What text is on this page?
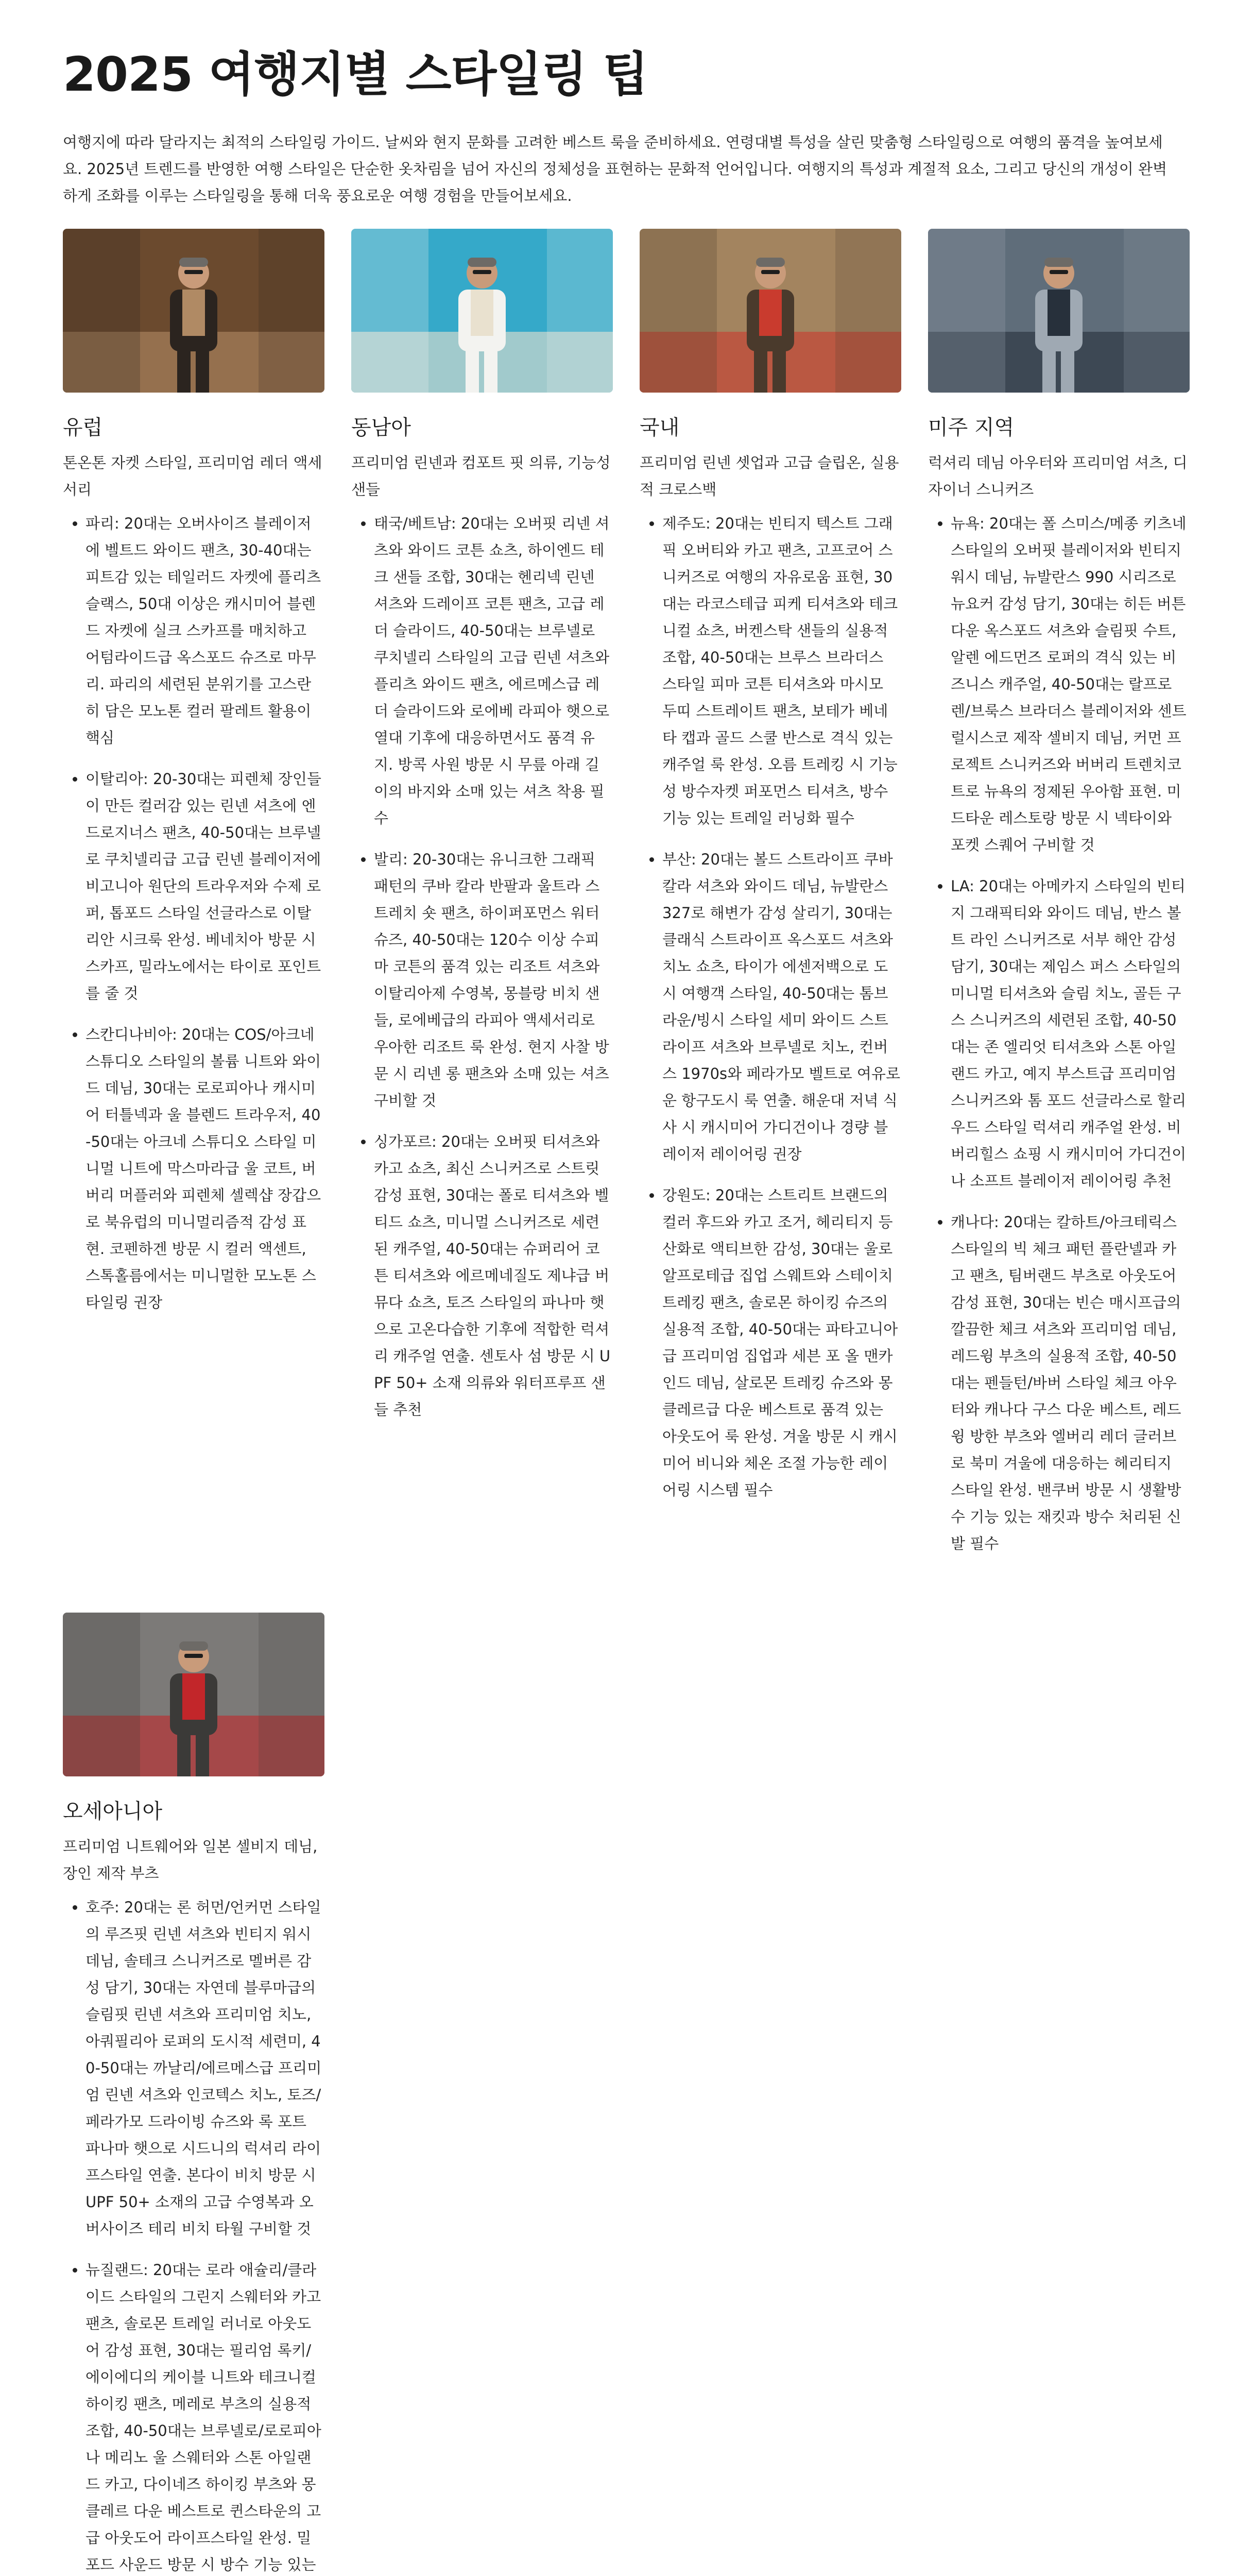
2025 여행지별 스타일링 팁

여행지에 따라 달라지는 최적의 스타일링 가이드. 날씨와 현지 문화를 고려한 베스트 룩을 준비하세요. 연령대별 특성을 살린 맞춤형 스타일링으로 여행의 품격을 높여보세요. 2025년 트렌드를 반영한 여행 스타일은 단순한 옷차림을 넘어 자신의 정체성을 표현하는 문화적 언어입니다. 여행지의 특성과 계절적 요소, 그리고 당신의 개성이 완벽하게 조화를 이루는 스타일링을 통해 더욱 풍요로운 여행 경험을 만들어보세요.

유럽

톤온톤 자켓 스타일, 프리미엄 레더 액세서리

• 파리: 20대는 오버사이즈 블레이저에 벨트드 와이드 팬츠, 30-40대는 피트감 있는 테일러드 자켓에 플리츠 슬랙스, 50대 이상은 캐시미어 블렌드 자켓에 실크 스카프를 매치하고 어텀라이드급 옥스포드 슈즈로 마무리. 파리의 세련된 분위기를 고스란히 담은 모노톤 컬러 팔레트 활용이 핵심
• 이탈리아: 20-30대는 피렌체 장인들이 만든 컬러감 있는 린넨 셔츠에 엔드로지너스 팬츠, 40-50대는 브루넬로 쿠치넬리급 고급 린넨 블레이저에 비고니아 원단의 트라우저와 수제 로퍼, 톱포드 스타일 선글라스로 이탈리안 시크룩 완성. 베네치아 방문 시 스카프, 밀라노에서는 타이로 포인트를 줄 것
• 스칸디나비아: 20대는 COS/아크네 스튜디오 스타일의 볼륨 니트와 와이드 데님, 30대는 로로피아나 캐시미어 터틀넥과 울 블렌드 트라우저, 40-50대는 아크네 스튜디오 스타일 미니멀 니트에 막스마라급 울 코트, 버버리 머플러와 피렌체 셀렉샵 장갑으로 북유럽의 미니멀리즘적 감성 표현. 코펜하겐 방문 시 컬러 액센트, 스톡홀름에서는 미니멀한 모노톤 스타일링 권장
동남아

프리미엄 린넨과 컴포트 핏 의류, 기능성 샌들

• 태국/베트남: 20대는 오버핏 리넨 셔츠와 와이드 코튼 쇼츠, 하이엔드 테크 샌들 조합, 30대는 헨리넥 린넨 셔츠와 드레이프 코튼 팬츠, 고급 레더 슬라이드, 40-50대는 브루넬로 쿠치넬리 스타일의 고급 린넨 셔츠와 플리츠 와이드 팬츠, 에르메스급 레더 슬라이드와 로에베 라피아 햇으로 열대 기후에 대응하면서도 품격 유지. 방콕 사원 방문 시 무릎 아래 길이의 바지와 소매 있는 셔츠 착용 필수
• 발리: 20-30대는 유니크한 그래픽 패턴의 쿠바 칼라 반팔과 울트라 스트레치 숏 팬츠, 하이퍼포먼스 워터 슈즈, 40-50대는 120수 이상 수피마 코튼의 품격 있는 리조트 셔츠와 이탈리아제 수영복, 몽블랑 비치 샌들, 로에베급의 라피아 액세서리로 우아한 리조트 룩 완성. 현지 사찰 방문 시 리넨 롱 팬츠와 소매 있는 셔츠 구비할 것
• 싱가포르: 20대는 오버핏 티셔츠와 카고 쇼츠, 최신 스니커즈로 스트릿 감성 표현, 30대는 폴로 티셔츠와 벨티드 쇼츠, 미니멀 스니커즈로 세련된 캐주얼, 40-50대는 슈퍼리어 코튼 티셔츠와 에르메네질도 제냐급 버뮤다 쇼츠, 토즈 스타일의 파나마 햇으로 고온다습한 기후에 적합한 럭셔리 캐주얼 연출. 센토사 섬 방문 시 UPF 50+ 소재 의류와 워터프루프 샌들 추천
국내

프리미엄 린넨 셋업과 고급 슬립온, 실용적 크로스백

• 제주도: 20대는 빈티지 텍스트 그래픽 오버티와 카고 팬츠, 고프코어 스니커즈로 여행의 자유로움 표현, 30대는 라코스테급 피케 티셔츠와 테크니컬 쇼츠, 버켄스탁 샌들의 실용적 조합, 40-50대는 브루스 브라더스 스타일 피마 코튼 티셔츠와 마시모 두띠 스트레이트 팬츠, 보테가 베네타 캡과 골드 스쿨 반스로 격식 있는 캐주얼 룩 완성. 오름 트레킹 시 기능성 방수자켓 퍼포먼스 티셔츠, 방수 기능 있는 트레일 러닝화 필수
• 부산: 20대는 볼드 스트라이프 쿠바 칼라 셔츠와 와이드 데님, 뉴발란스 327로 해변가 감성 살리기, 30대는 클래식 스트라이프 옥스포드 셔츠와 치노 쇼츠, 타이가 에센저백으로 도시 여행객 스타일, 40-50대는 톰브라운/빙시 스타일 세미 와이드 스트라이프 셔츠와 브루넬로 치노, 컨버스 1970s와 페라가모 벨트로 여유로운 항구도시 룩 연출. 해운대 저녁 식사 시 캐시미어 가디건이나 경량 블레이저 레이어링 권장
• 강원도: 20대는 스트리트 브랜드의 컬러 후드와 카고 조거, 헤리티지 등산화로 액티브한 감성, 30대는 울로 알프로테급 집업 스웨트와 스테이치 트레킹 팬츠, 솔로몬 하이킹 슈즈의 실용적 조합, 40-50대는 파타고니아급 프리미엄 집업과 세븐 포 올 맨카인드 데님, 살로몬 트레킹 슈즈와 몽클레르급 다운 베스트로 품격 있는 아웃도어 룩 완성. 겨울 방문 시 캐시미어 비니와 체온 조절 가능한 레이어링 시스템 필수
미주 지역

럭셔리 데님 아우터와 프리미엄 셔츠, 디자이너 스니커즈

• 뉴욕: 20대는 폴 스미스/메종 키츠네 스타일의 오버핏 블레이저와 빈티지 워시 데님, 뉴발란스 990 시리즈로 뉴요커 감성 담기, 30대는 히든 버튼다운 옥스포드 셔츠와 슬림핏 수트, 알렌 에드먼즈 로퍼의 격식 있는 비즈니스 캐주얼, 40-50대는 랄프로렌/브룩스 브라더스 블레이저와 센트럴시스코 제작 셀비지 데님, 커먼 프로젝트 스니커즈와 버버리 트렌치코트로 뉴욕의 정제된 우아함 표현. 미드타운 레스토랑 방문 시 넥타이와 포켓 스퀘어 구비할 것
• LA: 20대는 아메카지 스타일의 빈티지 그래픽티와 와이드 데님, 반스 볼트 라인 스니커즈로 서부 해안 감성 담기, 30대는 제임스 퍼스 스타일의 미니멀 티셔츠와 슬림 치노, 골든 구스 스니커즈의 세련된 조합, 40-50대는 존 엘리엇 티셔츠와 스톤 아일랜드 카고, 예지 부스트급 프리미엄 스니커즈와 톰 포드 선글라스로 할리우드 스타일 럭셔리 캐주얼 완성. 비버리힐스 쇼핑 시 캐시미어 가디건이나 소프트 블레이저 레이어링 추천
• 캐나다: 20대는 칼하트/아크테릭스 스타일의 빅 체크 패턴 플란넬과 카고 팬츠, 팀버랜드 부츠로 아웃도어 감성 표현, 30대는 빈슨 매시프급의 깔끔한 체크 셔츠와 프리미엄 데님, 레드윙 부츠의 실용적 조합, 40-50대는 펜들턴/바버 스타일 체크 아우터와 캐나다 구스 다운 베스트, 레드윙 방한 부츠와 엘버리 레더 글러브로 북미 겨울에 대응하는 헤리티지 스타일 완성. 밴쿠버 방문 시 생활방수 기능 있는 재킷과 방수 처리된 신발 필수
오세아니아

프리미엄 니트웨어와 일본 셀비지 데님, 장인 제작 부츠

• 호주: 20대는 론 허먼/언커먼 스타일의 루즈핏 린넨 셔츠와 빈티지 워시 데님, 솔테크 스니커즈로 멜버른 감성 담기, 30대는 자연데 블루마급의 슬림핏 린넨 셔츠와 프리미엄 치노, 아쿼필리아 로퍼의 도시적 세련미, 40-50대는 까날리/에르메스급 프리미엄 린넨 셔츠와 인코텍스 치노, 토즈/페라가모 드라이빙 슈즈와 록 포트 파나마 햇으로 시드니의 럭셔리 라이프스타일 연출. 본다이 비치 방문 시 UPF 50+ 소재의 고급 수영복과 오버사이즈 테리 비치 타월 구비할 것
• 뉴질랜드: 20대는 로라 애슐리/클라이드 스타일의 그린지 스웨터와 카고 팬츠, 솔로몬 트레일 러너로 아웃도어 감성 표현, 30대는 필리엄 록키/에이에디의 케이블 니트와 테크니컬 하이킹 팬츠, 메레로 부츠의 실용적 조합, 40-50대는 브루넬로/로로피아나 메리노 울 스웨터와 스톤 아일랜드 카고, 다이네즈 하이킹 부츠와 몽클레르 다운 베스트로 퀸스타운의 고급 아웃도어 라이프스타일 완성. 밀포드 사운드 방문 시 방수 기능 있는
